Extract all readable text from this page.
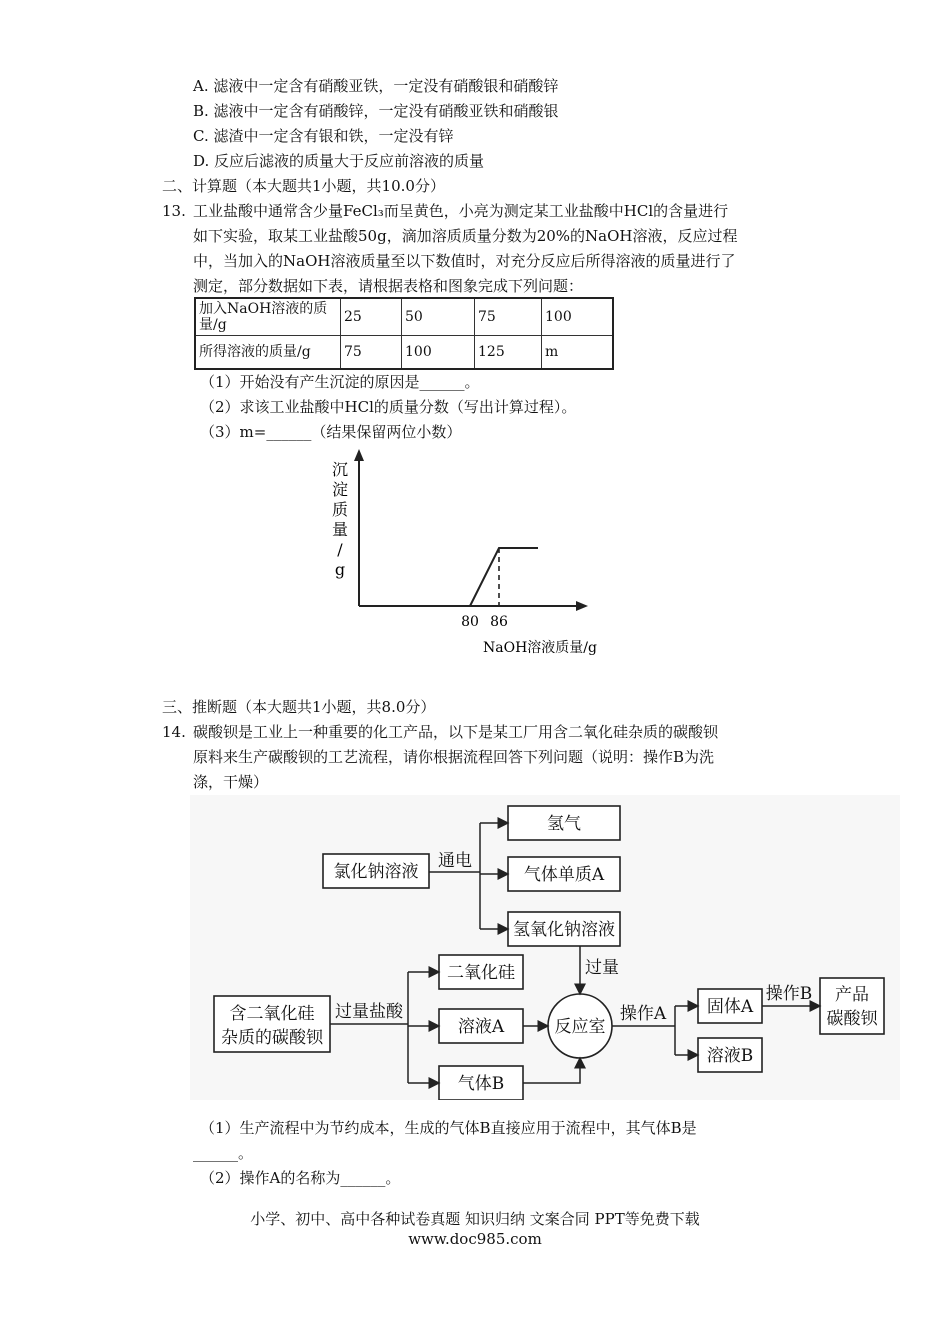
A. 滤液中一定含有硝酸亚铁，一定没有硝酸银和硝酸锌
B. 滤液中一定含有硝酸锌，一定没有硝酸亚铁和硝酸银
C. 滤渣中一定含有银和铁，一定没有锌
D. 反应后滤液的质量大于反应前溶液的质量
二、计算题（本大题共1小题，共10.0分）
13. 工业盐酸中通常含少量FeCl₃而呈黄色，小亮为测定某工业盐酸中HCl的含量进行
如下实验，取某工业盐酸50g，滴加溶质质量分数为20%的NaOH溶液，反应过程
中，当加入的NaOH溶液质量至以下数值时，对充分反应后所得溶液的质量进行了
测定，部分数据如下表，请根据表格和图象完成下列问题：
加入NaOH溶液的质量/g	25	50	75	100
所得溶液的质量/g	75	100	125	m
（1）开始没有产生沉淀的原因是______。
（2）求该工业盐酸中HCl的质量分数（写出计算过程）。
（3）m=______（结果保留两位小数）
沉
淀
质
量
/
g
80 86
NaOH溶液质量/g
三、推断题（本大题共1小题，共8.0分）
14. 碳酸钡是工业上一种重要的化工产品，以下是某工厂用含二氧化硅杂质的碳酸钡
原料来生产碳酸钡的工艺流程，请你根据流程回答下列问题（说明：操作B为洗
涤，干燥）
氯化钠溶液
通电
氢气
气体单质A
氢氧化钠溶液
过量
含二氧化硅
杂质的碳酸钡
过量盐酸
二氧化硅
溶液A
气体B
反应室
操作A 固体A
溶液B
操作B 产品
碳酸钡
（1）生产流程中为节约成本，生成的气体B直接应用于流程中，其气体B是
______。
（2）操作A的名称为______。
小学、初中、高中各种试卷真题 知识归纳 文案合同 PPT等免费下载
www.doc985.com
